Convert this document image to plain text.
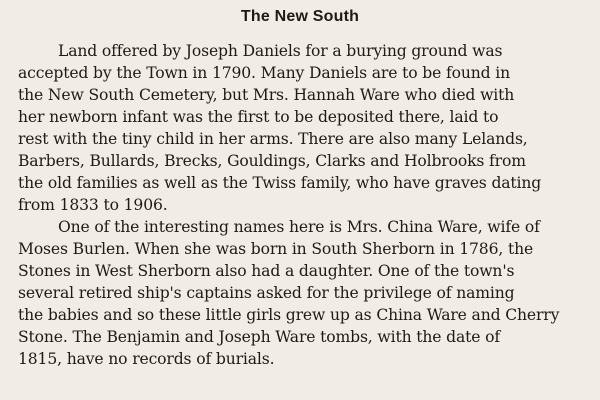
The New South
Land offered by Joseph Daniels for a burying ground was
accepted by the Town in 1790. Many Daniels are to be found in
the New South Cemetery, but Mrs. Hannah Ware who died with
her newborn infant was the first to be deposited there, laid to
rest with the tiny child in her arms. There are also many Lelands,
Barbers, Bullards, Brecks, Gouldings, Clarks and Holbrooks from
the old families as well as the Twiss family, who have graves dating
from 1833 to 1906.
One of the interesting names here is Mrs. China Ware, wife of
Moses Burlen. When she was born in South Sherborn in 1786, the
Stones in West Sherborn also had a daughter. One of the town's
several retired ship's captains asked for the privilege of naming
the babies and so these little girls grew up as China Ware and Cherry
Stone. The Benjamin and Joseph Ware tombs, with the date of
1815, have no records of burials.
